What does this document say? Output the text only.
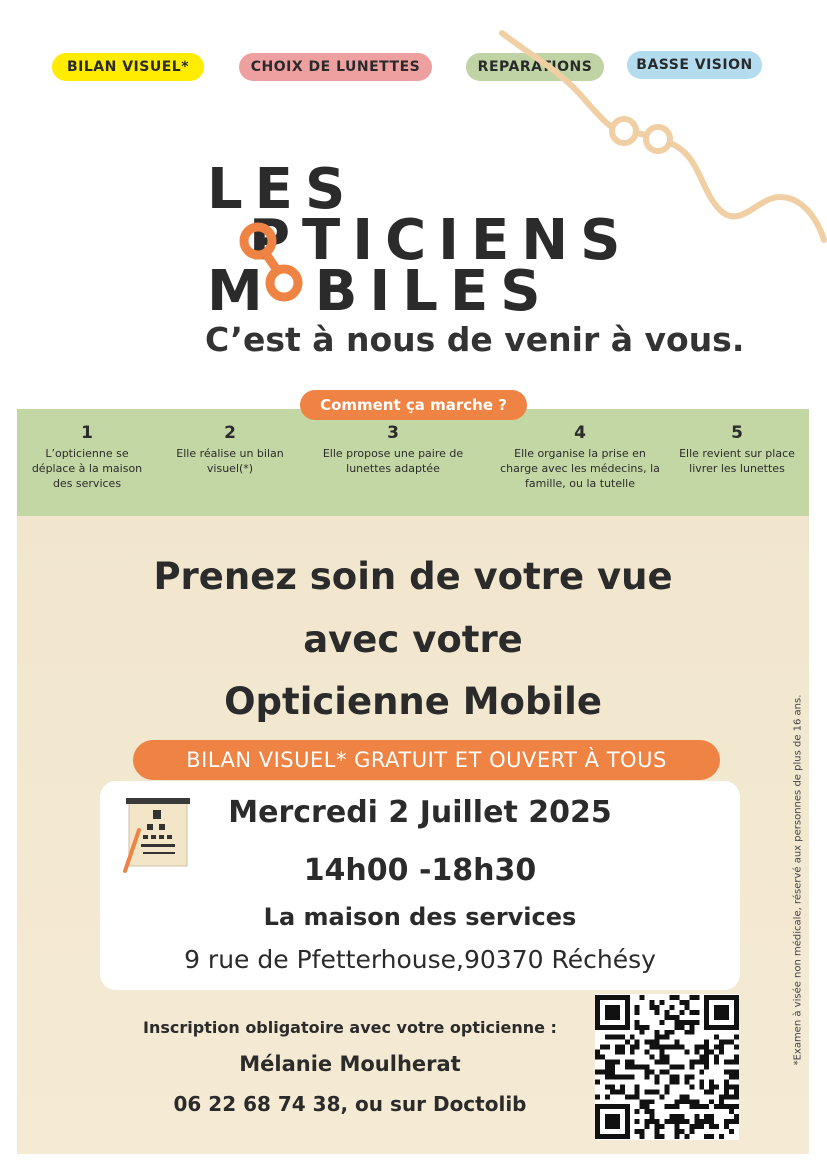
BILAN VISUEL*	CHOIX DE LUNETTES	REPARATIONS	BASSE VISION
LES
PTICIENS
M BILES
C’est à nous de venir à vous.
Comment ça marche ?
1
L’opticienne se déplace à la maison des services
2
Elle réalise un bilan visuel(*)
3
Elle propose une paire de lunettes adaptée
4
Elle organise la prise en charge avec les médecins, la famille, ou la tutelle
5
Elle revient sur place livrer les lunettes
Prenez soin de votre vue
avec votre
Opticienne Mobile
BILAN VISUEL* GRATUIT ET OUVERT À TOUS
Mercredi 2 Juillet 2025
14h00 -18h30
La maison des services
9 rue de Pfetterhouse,90370 Réchésy
Inscription obligatoire avec votre opticienne :
Mélanie Moulherat
06 22 68 74 38, ou sur Doctolib
*Examen à visée non médicale, réservé aux personnes de plus de 16 ans.
